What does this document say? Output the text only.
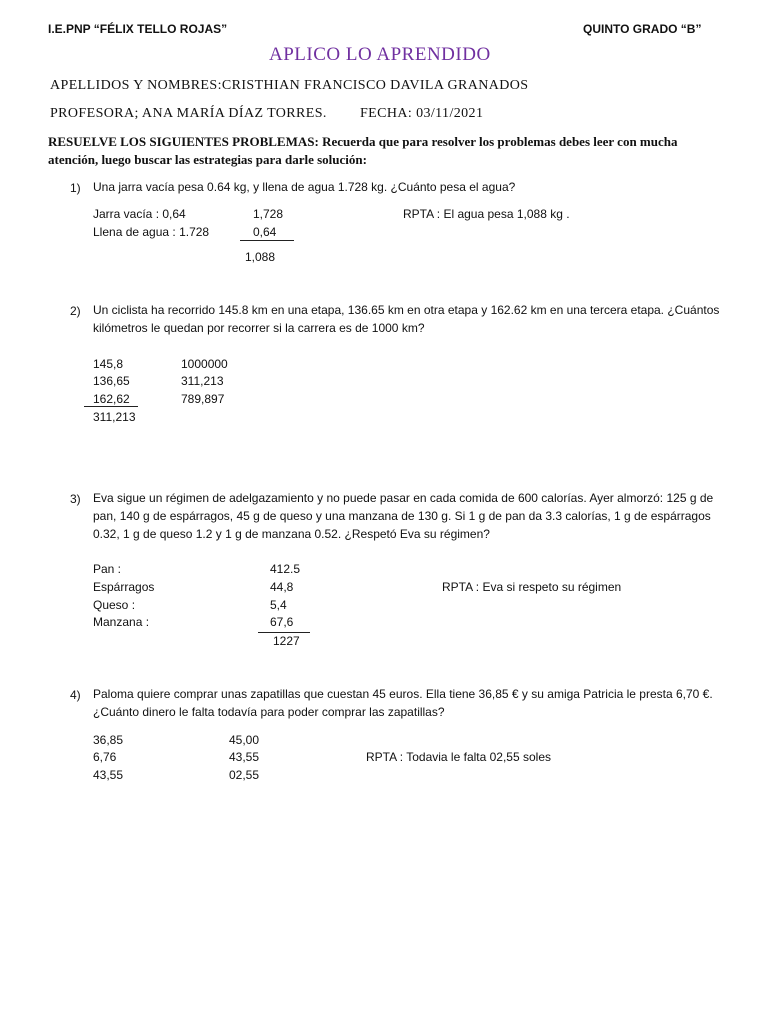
I.E.PNP “FÉLIX TELLO ROJAS”	QUINTO GRADO “B”
APLICO LO APRENDIDO
APELLIDOS Y NOMBRES:CRISTHIAN FRANCISCO DAVILA GRANADOS
PROFESORA; ANA MARÍA DÍAZ TORRES. FECHA: 03/11/2021
RESUELVE LOS SIGUIENTES PROBLEMAS: Recuerda que para resolver los problemas debes leer con mucha atención, luego buscar las estrategias para darle solución:
1) Una jarra vacía pesa 0.64 kg, y llena de agua 1.728 kg. ¿Cuánto pesa el agua?
Jarra vacía : 0,64
Llena de agua : 1.728
1,728
0,64
1,088
RPTA : El agua pesa 1,088 kg .
2) Un ciclista ha recorrido 145.8 km en una etapa, 136.65 km en otra etapa y 162.62 km en una tercera etapa. ¿Cuántos kilómetros le quedan por recorrer si la carrera es de 1000 km?
145,8
136,65
162,62
311,213
1000000
311,213
789,897
3) Eva sigue un régimen de adelgazamiento y no puede pasar en cada comida de 600 calorías. Ayer almorzó: 125 g de pan, 140 g de espárragos, 45 g de queso y una manzana de 130 g. Si 1 g de pan da 3.3 calorías, 1 g de espárragos 0.32, 1 g de queso 1.2 y 1 g de manzana 0.52. ¿Respetó Eva su régimen?
Pan :
Espárragos
Queso :
Manzana :
412.5
44,8
5,4
67,6
1227
RPTA : Eva si respeto su régimen
4) Paloma quiere comprar unas zapatillas que cuestan 45 euros. Ella tiene 36,85 € y su amiga Patricia le presta 6,70 €. ¿Cuánto dinero le falta todavía para poder comprar las zapatillas?
36,85
6,76
43,55
45,00
43,55
02,55
RPTA : Todavia le falta 02,55 soles
